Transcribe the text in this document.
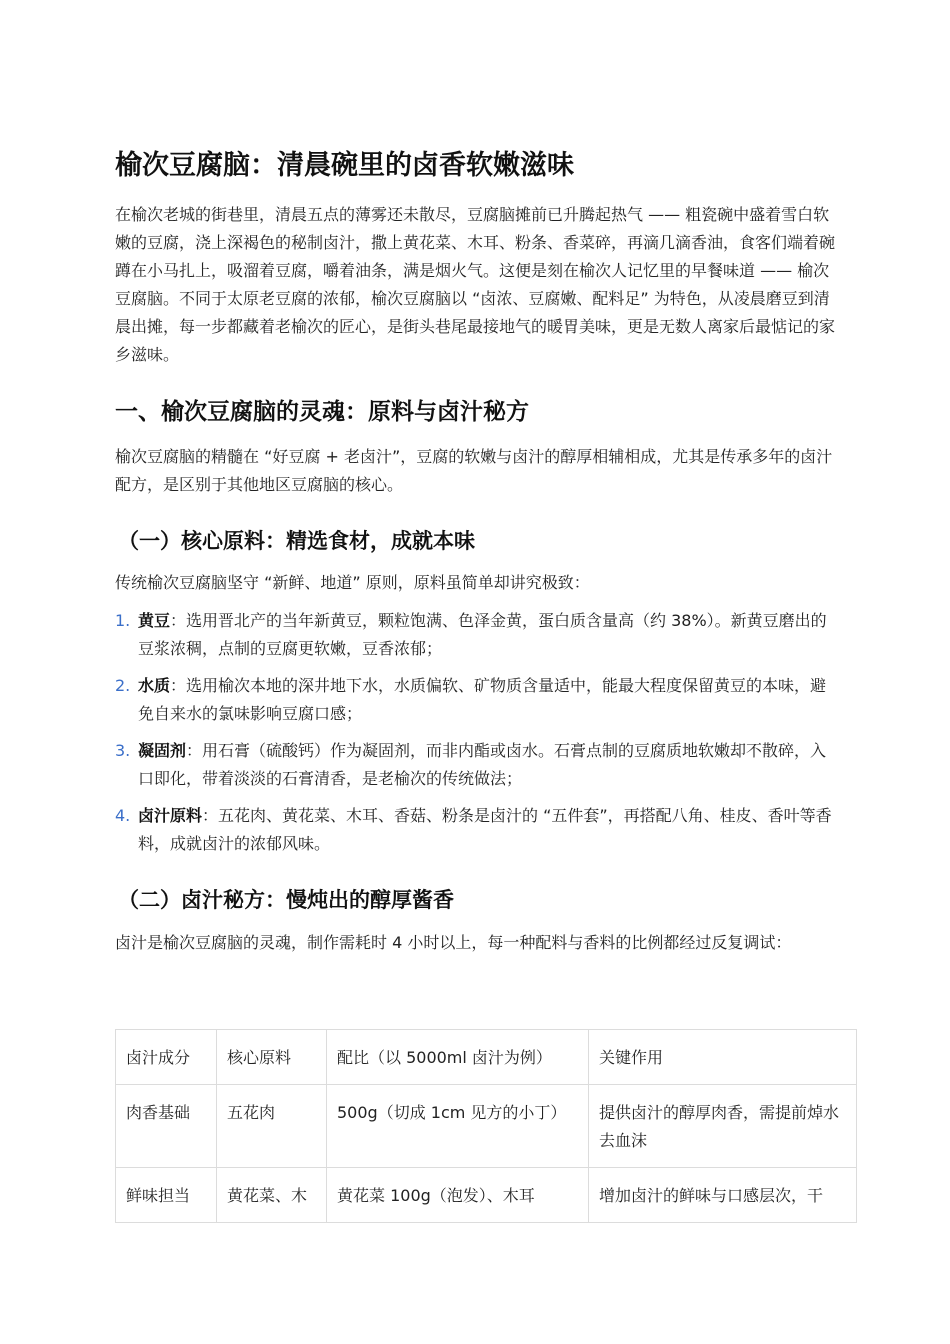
榆次豆腐脑：清晨碗里的卤香软嫩滋味

在榆次老城的街巷里，清晨五点的薄雾还未散尽，豆腐脑摊前已升腾起热气 —— 粗瓷碗中盛着雪白软嫩的豆腐，浇上深褐色的秘制卤汁，撒上黄花菜、木耳、粉条、香菜碎，再滴几滴香油，食客们端着碗蹲在小马扎上，吸溜着豆腐，嚼着油条，满是烟火气。这便是刻在榆次人记忆里的早餐味道 —— 榆次豆腐脑。不同于太原老豆腐的浓郁，榆次豆腐脑以 “卤浓、豆腐嫩、配料足” 为特色，从凌晨磨豆到清晨出摊，每一步都藏着老榆次的匠心，是街头巷尾最接地气的暖胃美味，更是无数人离家后最惦记的家乡滋味。

一、榆次豆腐脑的灵魂：原料与卤汁秘方

榆次豆腐脑的精髓在 “好豆腐 + 老卤汁”，豆腐的软嫩与卤汁的醇厚相辅相成，尤其是传承多年的卤汁配方，是区别于其他地区豆腐脑的核心。

（一）核心原料：精选食材，成就本味

传统榆次豆腐脑坚守 “新鲜、地道” 原则，原料虽简单却讲究极致：

1. 黄豆：选用晋北产的当年新黄豆，颗粒饱满、色泽金黄，蛋白质含量高（约 38%）。新黄豆磨出的豆浆浓稠，点制的豆腐更软嫩，豆香浓郁；
2. 水质：选用榆次本地的深井地下水，水质偏软、矿物质含量适中，能最大程度保留黄豆的本味，避免自来水的氯味影响豆腐口感；
3. 凝固剂：用石膏（硫酸钙）作为凝固剂，而非内酯或卤水。石膏点制的豆腐质地软嫩却不散碎，入口即化，带着淡淡的石膏清香，是老榆次的传统做法；
4. 卤汁原料：五花肉、黄花菜、木耳、香菇、粉条是卤汁的 “五件套”，再搭配八角、桂皮、香叶等香料，成就卤汁的浓郁风味。
（二）卤汁秘方：慢炖出的醇厚酱香

卤汁是榆次豆腐脑的灵魂，制作需耗时 4 小时以上，每一种配料与香料的比例都经过反复调试：

卤汁成分	核心原料	配比（以 5000ml 卤汁为例）	关键作用
肉香基础	五花肉	500g（切成 1cm 见方的小丁）	提供卤汁的醇厚肉香，需提前焯水去血沫
鲜味担当	黄花菜、木	黄花菜 100g（泡发）、木耳	增加卤汁的鲜味与口感层次，干
